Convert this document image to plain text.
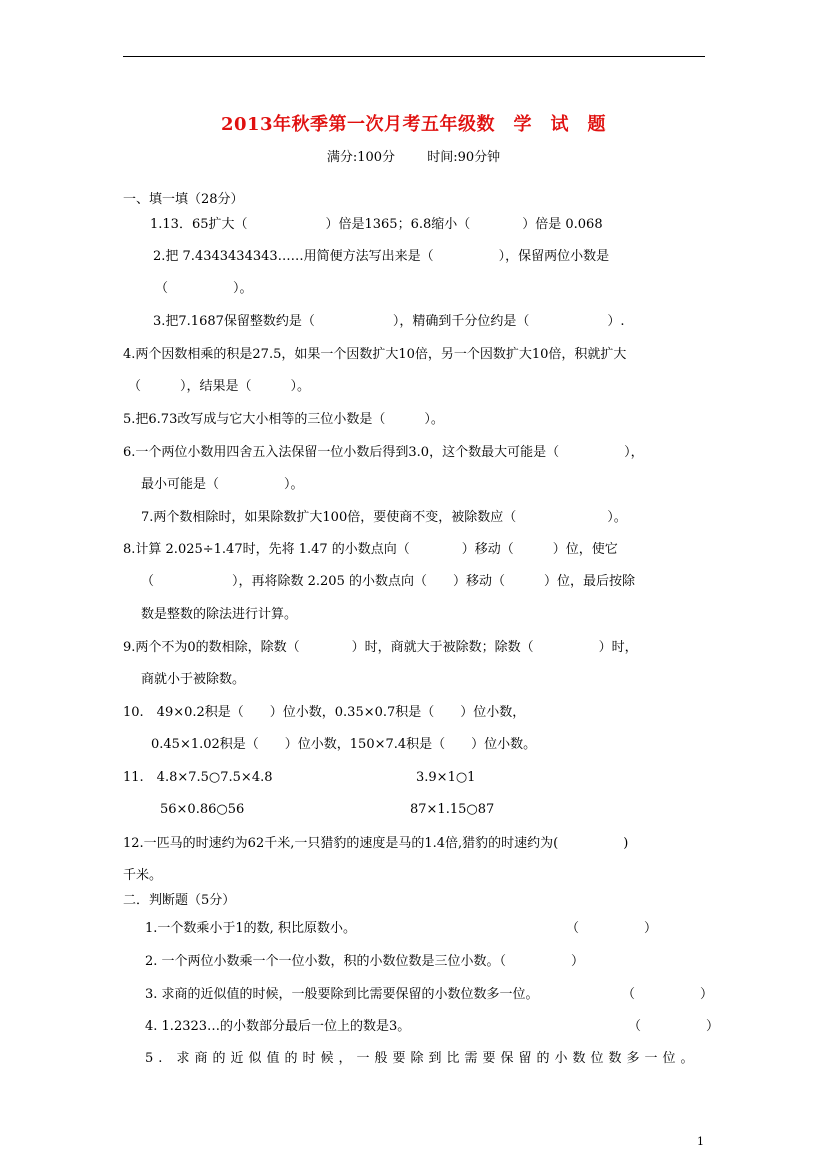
2013年秋季第一次月考五年级数　学　试　题
满分:100分 时间:90分钟
一、填一填（28分）
1.13．65扩大（　　　　　　）倍是1365；6.8缩小（　　　　）倍是 0.068
2.把 7.4343434343……用简便方法写出来是（　　　　　），保留两位小数是
（　　　　　）。
3.把7.1687保留整数约是（　　　　　　），精确到千分位约是（　　　　　　）.
4.两个因数相乘的积是27.5，如果一个因数扩大10倍，另一个因数扩大10倍，积就扩大
（　　　），结果是（　　　）。
5.把6.73改写成与它大小相等的三位小数是（　　　）。
6.一个两位小数用四舍五入法保留一位小数后得到3.0，这个数最大可能是（　　　　　），
最小可能是（　　　　　）。
7.两个数相除时，如果除数扩大100倍，要使商不变，被除数应（　　　　　　　）。
8.计算 2.025÷1.47时，先将 1.47 的小数点向（　　　　）移动（　　　）位，使它
（　　　　　　），再将除数 2.205 的小数点向（　　）移动（　　　）位，最后按除
数是整数的除法进行计算。
9.两个不为0的数相除，除数（　　　　）时，商就大于被除数；除数（　　　　　）时，
商就小于被除数。
10.　49×0.2积是（　　）位小数，0.35×0.7积是（　　）位小数，
0.45×1.02积是（　　）位小数，150×7.4积是（　　）位小数。
11.　4.8×7.5○7.5×4.8	3.9×1○1
56×0.86○56	87×1.15○87
12.一匹马的时速约为62千米,一只猎豹的速度是马的1.4倍,猎豹的时速约为(　　　　　)
千米。
二．判断题（5分）
1.一个数乘小于1的数, 积比原数小。	（　　　　　）
2. 一个两位小数乘一个一位小数，积的小数位数是三位小数。（　　　　　）
3. 求商的近似值的时候，一般要除到比需要保留的小数位数多一位。	（　　　　　）
4. 1.2323…的小数部分最后一位上的数是3。	（　　　　　）
5. 求商的近似值的时候，一般要除到比需要保留的小数位数多一位。
1
